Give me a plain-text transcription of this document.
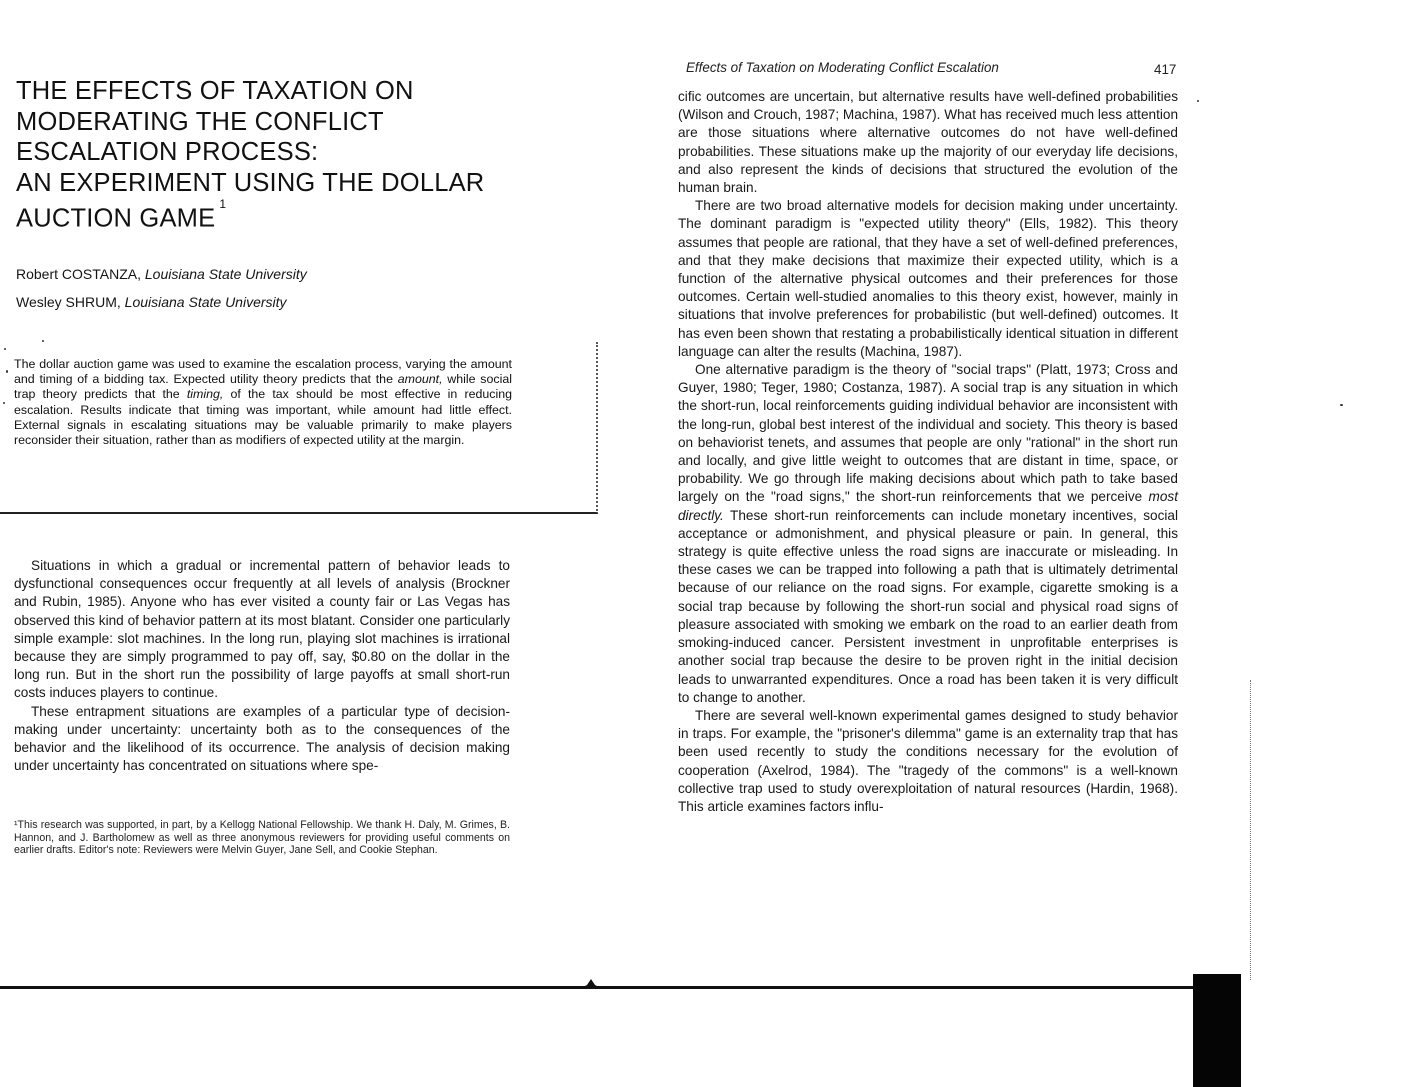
THE EFFECTS OF TAXATION ON
MODERATING THE CONFLICT
ESCALATION PROCESS:
AN EXPERIMENT USING THE DOLLAR
AUCTION GAME$^1$
Robert COSTANZA, Louisiana State University
Wesley SHRUM, Louisiana State University
The dollar auction game was used to examine the escalation process, varying the amount and timing of a bidding tax. Expected utility theory predicts that the amount, while social trap theory predicts that the timing, of the tax should be most effective in reducing escalation. Results indicate that timing was important, while amount had little effect. External signals in escalating situations may be valuable primarily to make players reconsider their situation, rather than as modifiers of expected utility at the margin.

Situations in which a gradual or incremental pattern of behavior leads to dysfunctional consequences occur frequently at all levels of analysis (Brockner and Rubin, 1985). Anyone who has ever visited a county fair or Las Vegas has observed this kind of behavior pattern at its most blatant. Consider one particularly simple example: slot machines. In the long run, playing slot machines is irrational because they are simply programmed to pay off, say, $0.80 on the dollar in the long run. But in the short run the possibility of large payoffs at small short-run costs induces players to continue.

These entrapment situations are examples of a particular type of decision-making under uncertainty: uncertainty both as to the consequences of the behavior and the likelihood of its occurrence. The analysis of decision making under uncertainty has concentrated on situations where spe-

¹This research was supported, in part, by a Kellogg National Fellowship. We thank H. Daly, M. Grimes, B. Hannon, and J. Bartholomew as well as three anonymous reviewers for providing useful comments on earlier drafts. Editor's note: Reviewers were Melvin Guyer, Jane Sell, and Cookie Stephan.
Effects of Taxation on Moderating Conflict Escalation	417

cific outcomes are uncertain, but alternative results have well-defined probabilities (Wilson and Crouch, 1987; Machina, 1987). What has received much less attention are those situations where alternative outcomes do not have well-defined probabilities. These situations make up the majority of our everyday life decisions, and also represent the kinds of decisions that structured the evolution of the human brain.

There are two broad alternative models for decision making under uncertainty. The dominant paradigm is "expected utility theory" (Ells, 1982). This theory assumes that people are rational, that they have a set of well-defined preferences, and that they make decisions that maximize their expected utility, which is a function of the alternative physical outcomes and their preferences for those outcomes. Certain well-studied anomalies to this theory exist, however, mainly in situations that involve preferences for probabilistic (but well-defined) outcomes. It has even been shown that restating a probabilistically identical situation in different language can alter the results (Machina, 1987).

One alternative paradigm is the theory of "social traps" (Platt, 1973; Cross and Guyer, 1980; Teger, 1980; Costanza, 1987). A social trap is any situation in which the short-run, local reinforcements guiding individual behavior are inconsistent with the long-run, global best interest of the individual and society. This theory is based on behaviorist tenets, and assumes that people are only "rational" in the short run and locally, and give little weight to outcomes that are distant in time, space, or probability. We go through life making decisions about which path to take based largely on the "road signs," the short-run reinforcements that we perceive most directly. These short-run reinforcements can include monetary incentives, social acceptance or admonishment, and physical pleasure or pain. In general, this strategy is quite effective unless the road signs are inaccurate or misleading. In these cases we can be trapped into following a path that is ultimately detrimental because of our reliance on the road signs. For example, cigarette smoking is a social trap because by following the short-run social and physical road signs of pleasure associated with smoking we embark on the road to an earlier death from smoking-induced cancer. Persistent investment in unprofitable enterprises is another social trap because the desire to be proven right in the initial decision leads to unwarranted expenditures. Once a road has been taken it is very difficult to change to another.

There are several well-known experimental games designed to study behavior in traps. For example, the "prisoner's dilemma" game is an externality trap that has been used recently to study the conditions necessary for the evolution of cooperation (Axelrod, 1984). The "tragedy of the commons" is a well-known collective trap used to study overexploitation of natural resources (Hardin, 1968). This article examines factors influ-
